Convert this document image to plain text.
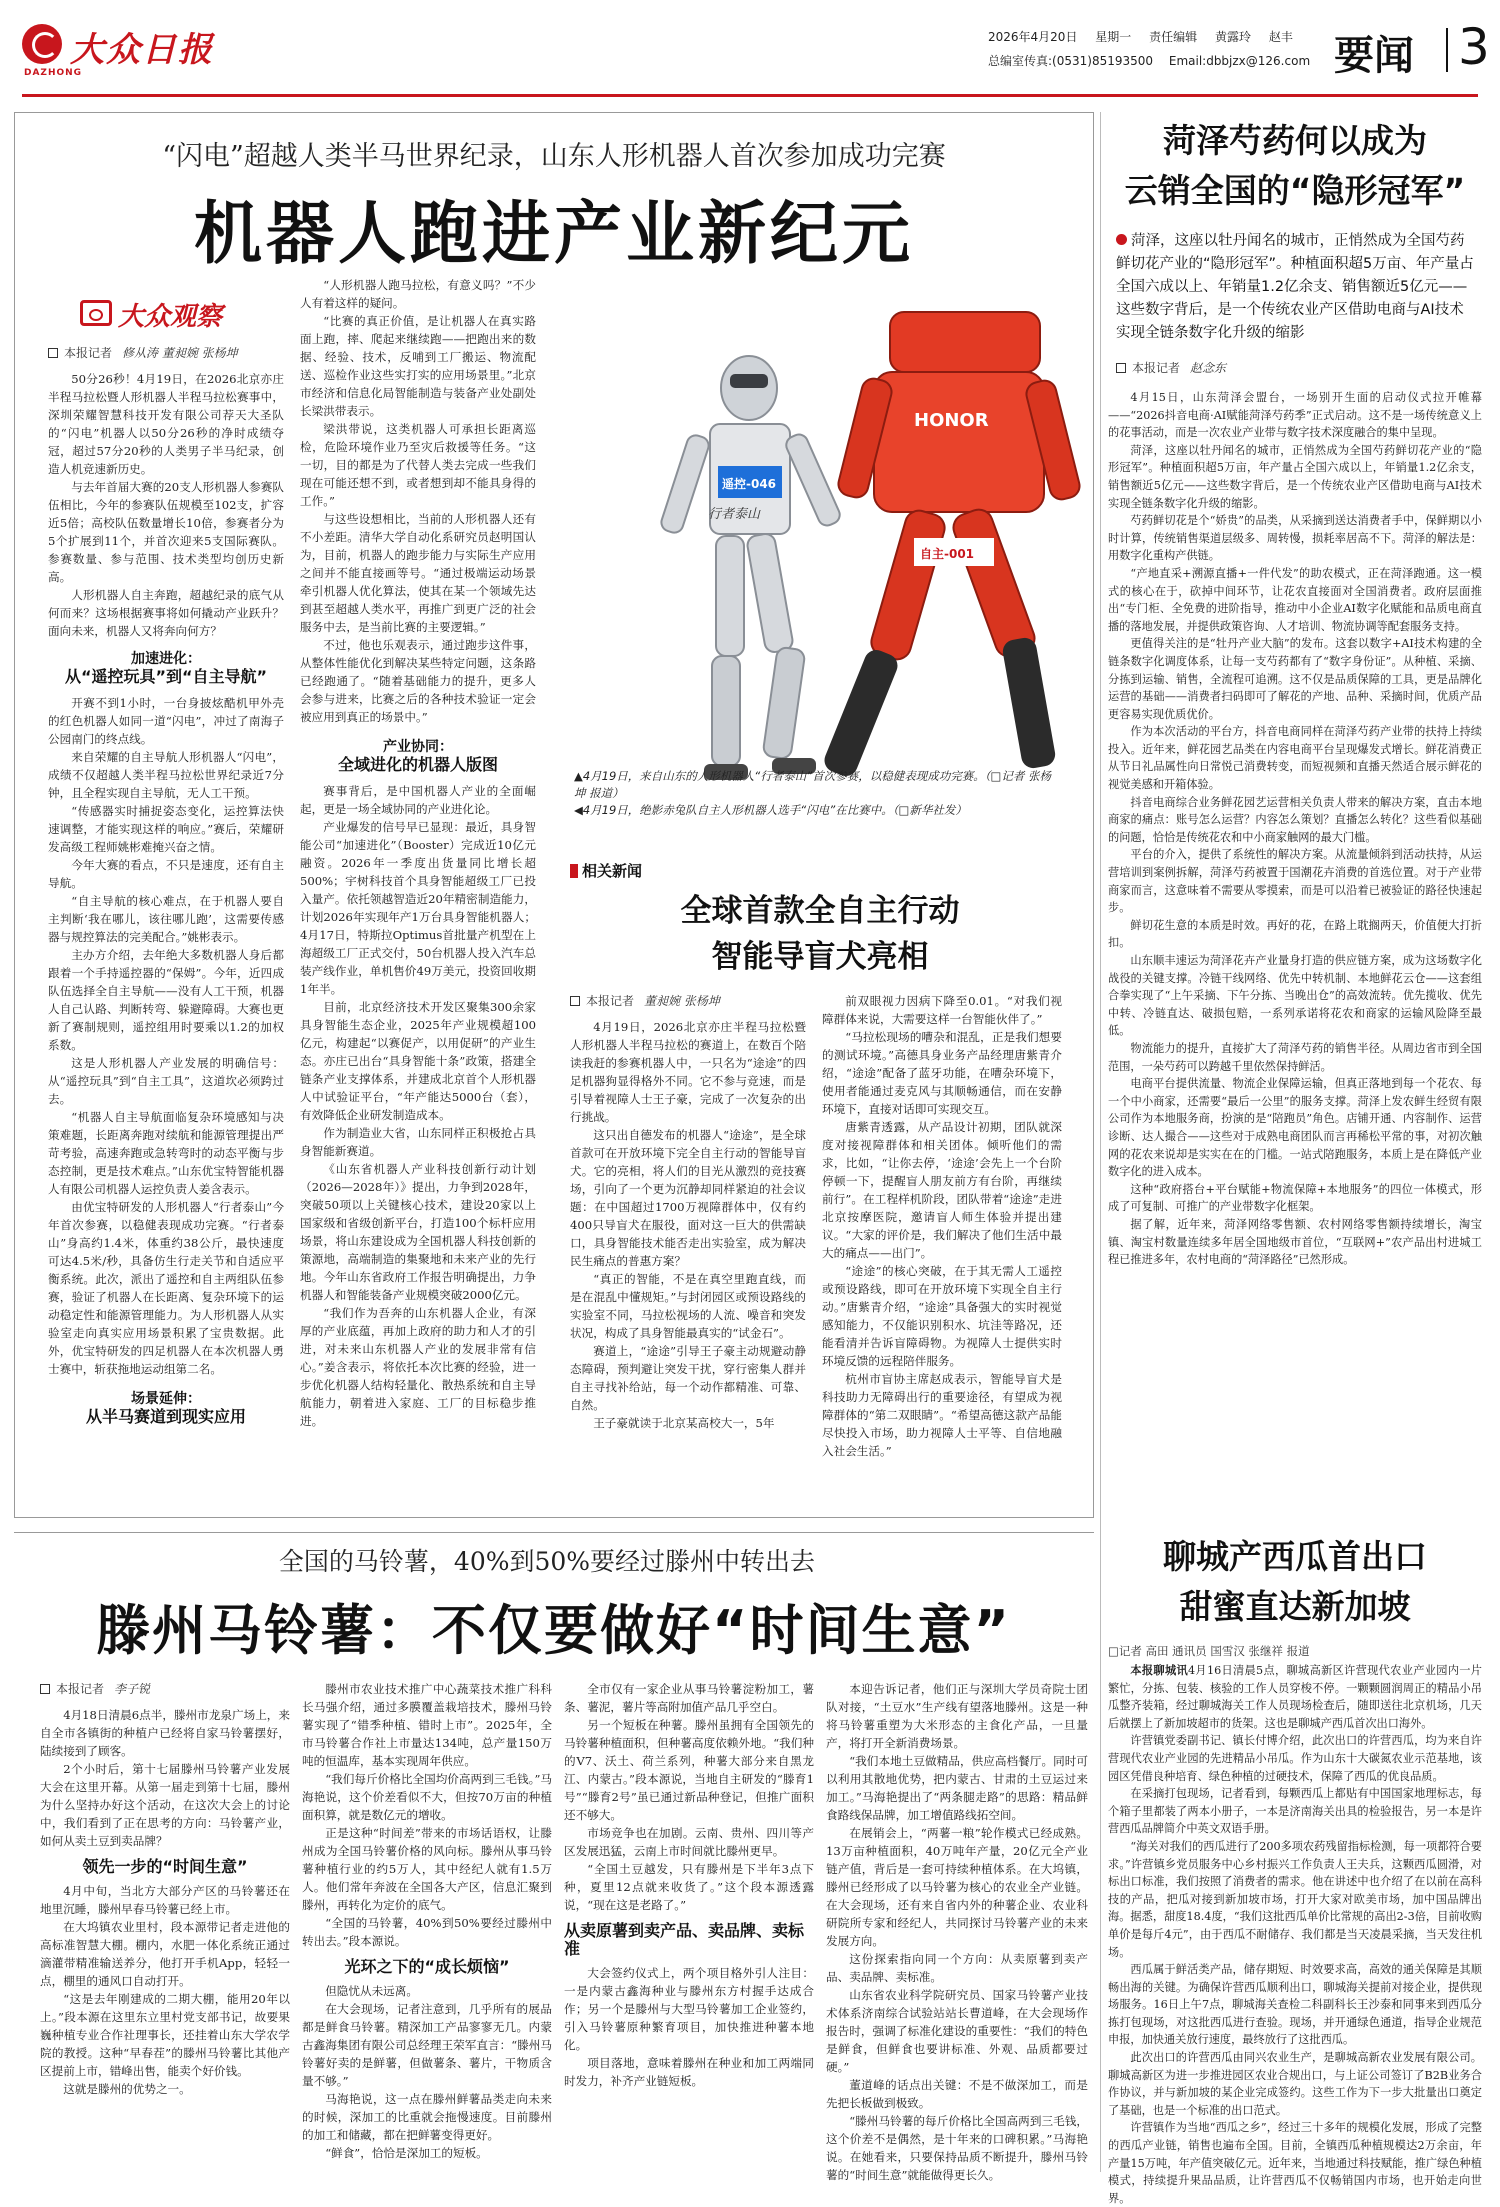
大众日报
DAZHONG
2026年4月20日 星期一 责任编辑 黄露玲 赵丰
总编室传真:(0531)85193500 Email:dbbjzx@126.com 要闻 3
“闪电”超越人类半马世界纪录，山东人形机器人首次参加成功完赛
机器人跑进产业新纪元
大众观察
本报记者 修从涛 董昶婉 张杨坤

50分26秒！4月19日，在2026北京亦庄半程马拉松暨人形机器人半程马拉松赛事中，深圳荣耀智慧科技开发有限公司荐天大圣队的“闪电”机器人以50分26秒的净时成绩夺冠，超过57分20秒的人类男子半马纪录，创造人机竞速新历史。

与去年首届大赛的20支人形机器人参赛队伍相比，今年的参赛队伍规模至102支，扩容近5倍；高校队伍数量增长10倍，参赛者分为5个扩展到11个，并首次迎来5支国际赛队。参赛数量、参与范围、技术类型均创历史新高。

人形机器人自主奔跑，超越纪录的底气从何而来？这场根据赛事将如何撬动产业跃升？面向未来，机器人又将奔向何方？

加速进化：
从“遥控玩具”到“自主导航”

开赛不到1小时，一台身披炫酷机甲外壳的红色机器人如同一道“闪电”，冲过了南海子公园南门的终点线。

来自荣耀的自主导航人形机器人“闪电”，成绩不仅超越人类半程马拉松世界纪录近7分钟，且全程实现自主导航，无人工干预。

“传感器实时捕捉姿态变化，运控算法快速调整，才能实现这样的响应。”赛后，荣耀研发高级工程师姚彬难掩兴奋之情。

今年大赛的看点，不只是速度，还有自主导航。

“自主导航的核心难点，在于机器人要自主判断‘我在哪儿，该往哪儿跑’，这需要传感器与规控算法的完美配合。”姚彬表示。

主办方介绍，去年绝大多数机器人身后都跟着一个手持遥控器的“保姆”。今年，近四成队伍选择全自主导航——没有人工干预，机器人自己认路、判断转弯、躲避障碍。大赛也更新了赛制规则，遥控组用时要乘以1.2的加权系数。

这是人形机器人产业发展的明确信号：从“遥控玩具”到“自主工具”，这道坎必须跨过去。

“机器人自主导航面临复杂环境感知与决策难题，长距离奔跑对续航和能源管理提出严苛考验，高速奔跑或急转弯时的动态平衡与步态控制，更是技术难点。”山东优宝特智能机器人有限公司机器人运控负责人姜含表示。

由优宝特研发的人形机器人“行者泰山”今年首次参赛，以稳健表现成功完赛。“行者泰山”身高约1.4米，体重约38公斤，最快速度可达4.5米/秒，具备仿生行走关节和自适应平衡系统。此次，派出了遥控和自主两组队伍参赛，验证了机器人在长距离、复杂环境下的运动稳定性和能源管理能力。为人形机器人从实验室走向真实应用场景积累了宝贵数据。此外，优宝特研发的四足机器人在本次机器人勇士赛中，斩获拖地运动组第二名。

场景延伸：
从半马赛道到现实应用

“人形机器人跑马拉松，有意义吗？”不少人有着这样的疑问。

“比赛的真正价值，是让机器人在真实路面上跑，摔、爬起来继续跑——把跑出来的数据、经验、技术，反哺到工厂搬运、物流配送、巡检作业这些实打实的应用场景里。”北京市经济和信息化局智能制造与装备产业处副处长梁洪带表示。

梁洪带说，这类机器人可承担长距离巡检，危险环境作业乃至灾后救援等任务。“这一切，目的都是为了代替人类去完成一些我们现在可能还想不到，或者想到却不能具身得的工作。”

与这些设想相比，当前的人形机器人还有不小差距。清华大学自动化系研究员赵明国认为，目前，机器人的跑步能力与实际生产应用之间并不能直接画等号。“通过极端运动场景牵引机器人优化算法，使其在某一个领域先达到甚至超越人类水平，再推广到更广泛的社会服务中去，是当前比赛的主要逻辑。”

不过，他也乐观表示，通过跑步这件事，从整体性能优化到解决某些特定问题，这条路已经跑通了。“随着基础能力的提升，更多人会参与进来，比赛之后的各种技术验证一定会被应用到真正的场景中。”

产业协同：
全域进化的机器人版图

赛事背后，是中国机器人产业的全面崛起，更是一场全域协同的产业进化论。

产业爆发的信号早已显现：最近，具身智能公司“加速进化”（Booster）完成近10亿元融资。2026年一季度出货量同比增长超500%；宇树科技首个具身智能超级工厂已投入量产。依托领越智造近20年精密制造能力，计划2026年实现年产1万台具身智能机器人；4月17日，特斯拉Optimus首批量产机型在上海超级工厂正式交付，50台机器人投入汽车总装产线作业，单机售价49万美元，投资回收期1年半。

目前，北京经济技术开发区聚集300余家具身智能生态企业，2025年产业规模超100亿元，构建起“以赛促产，以用促研”的产业生态。亦庄已出台“具身智能十条”政策，搭建全链条产业支撑体系，并建成北京首个人形机器人中试验证平台，“年产能达5000台（套），有效降低企业研发制造成本。

作为制造业大省，山东同样正积极抢占具身智能新赛道。

《山东省机器人产业科技创新行动计划（2026—2028年）》提出，力争到2028年，突破50项以上关键核心技术，建设20家以上国家级和省级创新平台，打造100个标杆应用场景，将山东建设成为全国机器人科技创新的策源地，高端制造的集聚地和未来产业的先行地。今年山东省政府工作报告明确提出，力争机器人和智能装备产业规模突破2000亿元。

“我们作为吾奔的山东机器人企业，有深厚的产业底蕴，再加上政府的助力和人才的引进，对未来山东机器人产业的发展非常有信心。”姜含表示，将依托本次比赛的经验，进一步优化机器人结构轻量化、散热系统和自主导航能力，朝着进入家庭、工厂的目标稳步推进。

遥控-046
行者泰山
HONOR
自主-001
▲4月19日，来自山东的人形机器人“行者泰山”首次参赛，以稳健表现成功完赛。（□记者 张杨坤 报道）
◀4月19日，绝影赤兔队自主人形机器人选手“闪电”在比赛中。（□新华社发）
相关新闻
全球首款全自主行动
智能导盲犬亮相
本报记者 董昶婉 张杨坤

4月19日，2026北京亦庄半程马拉松暨人形机器人半程马拉松的赛道上，在数百个陪读我赶的参赛机器人中，一只名为“途途”的四足机器狗显得格外不同。它不参与竞速，而是引导着视障人士王子豪，完成了一次复杂的出行挑战。

这只出自德发布的机器人“途途”，是全球首款可在开放环境下完全自主行动的智能导盲犬。它的亮相，将人们的目光从激烈的竞技赛场，引向了一个更为沉静却同样紧迫的社会议题：在中国超过1700万视障群体中，仅有约400只导盲犬在服役，面对这一巨大的供需缺口，具身智能技术能否走出实验室，成为解决民生痛点的普惠方案？

“真正的智能，不是在真空里跑直线，而是在混乱中懂规矩。”与封闭园区或预设路线的实验室不同，马拉松视场的人流、噪音和突发状况，构成了具身智能最真实的“试金石”。

赛道上，“途途”引导王子豪主动规避动静态障碍，预判避让突发干扰，穿行密集人群并自主寻找补给站，每一个动作都精准、可靠、自然。

王子豪就读于北京某高校大一，5年

前双眼视力因病下降至0.01。“对我们视障群体来说，大需要这样一台智能伙伴了。”

“马拉松现场的嘈杂和混乱，正是我们想要的测试环境。”高德具身业务产品经理唐紫青介绍，“途途”配备了蓝牙功能，在嘈杂环境下，使用者能通过麦克风与其顺畅通信，而在安静环境下，直接对话即可实现交互。

唐紫青透露，从产品设计初期，团队就深度对接视障群体和相关团体。倾听他们的需求，比如，“让你去停，‘途途’会先上一个台阶停顿一下，提醒盲人朋友前方有台阶，再继续前行”。在工程样机阶段，团队带着“途途”走进北京按摩医院，邀请盲人师生体验并提出建议。“大家的评价是，我们解决了他们生活中最大的痛点——出门”。

“途途”的核心突破，在于其无需人工遥控或预设路线，即可在开放环境下实现全自主行动。”唐紫青介绍，“途途”具备强大的实时视觉感知能力，不仅能识别积水、坑洼等路况，还能看清并告诉盲障碍物。为视障人士提供实时环境反馈的远程陪伴服务。

杭州市盲协主席赵成表示，智能导盲犬是科技助力无障碍出行的重要途径，有望成为视障群体的“第二双眼睛”。“希望高德这款产品能尽快投入市场，助力视障人士平等、自信地融入社会生活。”

菏泽芍药何以成为
云销全国的“隐形冠军”
菏泽，这座以牡丹闻名的城市，正悄然成为全国芍药鲜切花产业的“隐形冠军”。种植面积超5万亩、年产量占全国六成以上、年销量1.2亿余支、销售额近5亿元——这些数字背后，是一个传统农业产区借助电商与AI技术实现全链条数字化升级的缩影
本报记者 赵念东

4月15日，山东菏泽会盟台，一场别开生面的启动仪式拉开帷幕——“2026抖音电商·AI赋能菏泽芍药季”正式启动。这不是一场传统意义上的花事活动，而是一次农业产业带与数字技术深度融合的集中呈现。

菏泽，这座以牡丹闻名的城市，正悄然成为全国芍药鲜切花产业的“隐形冠军”。种植面积超5万亩，年产量占全国六成以上，年销量1.2亿余支，销售额近5亿元——这些数字背后，是一个传统农业产区借助电商与AI技术实现全链条数字化升级的缩影。

芍药鲜切花是个“娇贵”的品类，从采摘到送达消费者手中，保鲜期以小时计算，传统销售渠道层级多、周转慢，损耗率居高不下。菏泽的解法是：用数字化重构产供链。

“产地直采+溯源直播+一件代发”的助农模式，正在菏泽跑通。这一模式的核心在于，砍掉中间环节，让花农直接面对全国消费者。政府层面推出“专门柜、全免费的进阶指导，推动中小企业AI数字化赋能和品质电商直播的落地发展，并提供政策咨询、人才培训、物流协调等配套服务支持。

更值得关注的是“牡丹产业大脑”的发布。这套以数字+AI技术构建的全链条数字化调度体系，让每一支芍药都有了“数字身份证”。从种植、采摘、分拣到运输、销售，全流程可追溯。这不仅是品质保障的工具，更是品牌化运营的基础——消费者扫码即可了解花的产地、品种、采摘时间，优质产品更容易实现优质优价。

作为本次活动的平台方，抖音电商同样在菏泽芍药产业带的扶持上持续投入。近年来，鲜花园艺品类在内容电商平台呈现爆发式增长。鲜花消费正从节日礼品属性向日常悦己消费转变，而短视频和直播天然适合展示鲜花的视觉美感和开箱体验。

抖音电商综合业务鲜花园艺运营相关负责人带来的解决方案，直击本地商家的痛点：账号怎么运营？内容怎么策划？直播怎么转化？这些看似基础的问题，恰恰是传统花农和中小商家触网的最大门槛。

平台的介入，提供了系统性的解决方案。从流量倾斜到活动扶持，从运营培训到案例拆解，菏泽芍药被置于国潮花卉消费的首选位置。对于产业带商家而言，这意味着不需要从零摸索，而是可以沿着已被验证的路径快速起步。

鲜切花生意的本质是时效。再好的花，在路上耽搁两天，价值便大打折扣。

山东顺丰速运为菏泽花卉产业量身打造的供应链方案，成为这场数字化战役的关键支撑。冷链干线网络、优先中转机制、本地鲜花云仓——这套组合拳实现了“上午采摘、下午分拣、当晚出仓”的高效流转。优先揽收、优先中转、冷链直达、破损包赔，一系列承诺将花农和商家的运输风险降至最低。

物流能力的提升，直接扩大了菏泽芍药的销售半径。从周边省市到全国范围，一朵芍药可以跨越千里依然保持鲜活。

电商平台提供流量、物流企业保障运输，但真正落地到每一个花农、每一个中小商家，还需要“最后一公里”的服务支撑。菏泽上发农鲜生经贸有限公司作为本地服务商，扮演的是“陪跑员”角色。店铺开通、内容制作、运营诊断、达人撮合——这些对于成熟电商团队而言再稀松平常的事，对初次触网的花农来说却是实实在在的门槛。一站式陪跑服务，本质上是在降低产业数字化的进入成本。

这种“政府搭台+平台赋能+物流保障+本地服务”的四位一体模式，形成了可复制、可推广的产业带数字化框架。

据了解，近年来，菏泽网络零售额、农村网络零售额持续增长，淘宝镇、淘宝村数量连续多年居全国地级市首位，“互联网+”农产品出村进城工程已推进多年，农村电商的“菏泽路径”已然形成。

聊城产西瓜首出口
甜蜜直达新加坡
□记者 高田 通讯员 国雪汉 张继祥 报道

本报聊城讯4月16日清晨5点，聊城高新区许营现代农业产业园内一片繁忙，分拣、包装、核验的工作人员穿梭不停。一颗颗圆润周正的精品小吊瓜整齐装箱，经过聊城海关工作人员现场检查后，随即送往北京机场，几天后就摆上了新加坡超市的货架。这也是聊城产西瓜首次出口海外。

许营镇党委副书记、镇长付博介绍，此次出口的许营西瓜，均为来自许营现代农业产业园的先进精品小吊瓜。作为山东十大碳氮农业示范基地，该园区凭借良种培育、绿色种植的过硬技术，保障了西瓜的优良品质。

在采摘打包现场，记者看到，每颗西瓜上都贴有中国国家地理标志，每个箱子里都装了两本小册子，一本是济南海关出具的检验报告，另一本是许营西瓜品牌简介中英文双语手册。

“海关对我们的西瓜进行了200多项农药残留指标检测，每一项都符合要求。”许营镇乡党员服务中心乡村振兴工作负责人王夫兵，这颗西瓜圆滑，对标出口标准，我们按照了消费者的需求。他在讲述中也介绍了在以前在高科技的产品，把瓜对接到新加坡市场，打开大家对欧美市场，加中国品牌出海。据悉，甜度18.4度，“我们这批西瓜单价比常规的高出2-3倍，目前收购单价是每斤4元”，由于西瓜不耐储存、我们都是当天凌晨采摘，当天发往机场。

西瓜属于鲜活类产品，储存期短、时效要求高，高效的通关保障是其顺畅出海的关键。为确保许营西瓜顺利出口，聊城海关提前对接企业，提供现场服务。16日上午7点，聊城海关查检二科副科长王沙泰和同事来到西瓜分拣打包现场，对这批西瓜进行查验。现场，并开通绿色通道，指导企业规范申报，加快通关放行速度，最终放行了这批西瓜。

此次出口的许营西瓜由同兴农业生产，是聊城高新农业发展有限公司。聊城高新区为进一步推进园区农业合规出口，与上证公司签订了B2B业务合作协议，并与新加坡的某企业完成签约。这些工作为下一步大批量出口奠定了基础，也是一个标准的出口范式。

许营镇作为当地“西瓜之乡”，经过三十多年的规模化发展，形成了完整的西瓜产业链，销售也遍布全国。目前，全镇西瓜种植规模达2万余亩，年产量15万吨，年产值突破亿元。近年来，当地通过科技赋能，推广绿色种植模式，持续提升果品品质，让许营西瓜不仅畅销国内市场，也开始走向世界。

全国的马铃薯，40%到50%要经过滕州中转出去
滕州马铃薯：不仅要做好“时间生意”
本报记者 李子锐

4月18日清晨6点半，滕州市龙泉广场上，来自全市各镇街的种植户已经将自家马铃薯摆好，陆续接到了顾客。

2个小时后，第十七届滕州马铃薯产业发展大会在这里开幕。从第一届走到第十七届，滕州为什么坚持办好这个活动，在这次大会上的讨论中，我们看到了正在思考的方向：马铃薯产业，如何从卖土豆到卖品牌？

领先一步的“时间生意”

4月中旬，当北方大部分产区的马铃薯还在地里沉睡，滕州早春马铃薯已经上市。

在大坞镇农业里村，段本源带记者走进他的高标准智慧大棚。棚内，水肥一体化系统正通过滴灌带精准输送养分，他打开手机App，轻轻一点，棚里的通风口自动打开。

“这是去年刚建成的二期大棚，能用20年以上。”段本源在这里东立里村党支部书记，故要果巍种植专业合作社理事长，还挂着山东大学农学院的教授。这种“早春茬”的滕州马铃薯比其他产区提前上市，错峰出售，能卖个好价钱。

这就是滕州的优势之一。

滕州市农业技术推广中心蔬菜技术推广科科长马强介绍，通过多膜覆盖栽培技术，滕州马铃薯实现了“错季种植、错时上市”。2025年，全市马铃薯合作社上市量达134吨，总产量150万吨的恒温库，基本实现周年供应。

“我们每斤价格比全国均价高两到三毛钱。”马海艳说，这个价差看似不大，但按70万亩的种植面积算，就是数亿元的增收。

正是这种“时间差”带来的市场话语权，让滕州成为全国马铃薯价格的风向标。滕州从事马铃薯种植行业的约5万人，其中经纪人就有1.5万人。他们常年奔波在全国各大产区，信息汇聚到滕州，再转化为定价的底气。

“全国的马铃薯，40%到50%要经过滕州中转出去。”段本源说。

光环之下的“成长烦恼”

但隐忧从未远离。

在大会现场，记者注意到，几乎所有的展品都是鲜食马铃薯。精深加工产品寥寥无几。内蒙古鑫海集团有限公司总经理王荣军直言：“滕州马铃薯好卖的是鲜薯，但做薯条、薯片，干物质含量不够。”

马海艳说，这一点在滕州鲜薯品类走向未来的时候，深加工的比重就会拖慢速度。目前滕州的加工和储藏，都在把鲜薯变得更好。

“鲜食”，恰恰是深加工的短板。

全市仅有一家企业从事马铃薯淀粉加工，薯条、薯泥，薯片等高附加值产品几乎空白。

另一个短板在种薯。滕州虽拥有全国领先的马铃薯种植面积，但种薯高度依赖外地。“我们种的V7、沃土、荷兰系列，种薯大部分来自黑龙江、内蒙古。”段本源说，当地自主研发的“滕育1号”“滕育2号”虽已通过新品种登记，但推广面积还不够大。

市场竞争也在加剧。云南、贵州、四川等产区发展迅猛，云南上市时间就比滕州更早。

“全国土豆越发，只有滕州是下半年3点下种，夏里12点就来收货了。”这个段本源透露说，“现在这是老路了。”

从卖原薯到卖产品、卖品牌、卖标准

大会签约仪式上，两个项目格外引人注目：一是内蒙古鑫海种业与滕州东方村握手达成合作；另一个是滕州与大型马铃薯加工企业签约，引入马铃薯原种繁育项目，加快推进种薯本地化。

项目落地，意味着滕州在种业和加工两端同时发力，补齐产业链短板。

本迎告诉记者，他们正与深圳大学员奇院士团队对接，“土豆水”生产线有望落地滕州。这是一种将马铃薯重塑为大米形态的主食化产品，一旦量产，将打开全新消费场景。

“我们本地土豆做精品，供应高档餐厅。同时可以利用其散地优势，把内蒙古、甘肃的土豆运过来加工。”马海艳提出了“两条腿走路”的思路：精品鲜食路线保品牌，加工增值路线拓空间。

在展销会上，“两薯一粮”轮作模式已经成熟。13万亩种植面积，40万吨年产量，20亿元全产业链产值，背后是一套可持续种植体系。在大坞镇，滕州已经形成了以马铃薯为核心的农业全产业链。在大会现场，还有来自省内外的种薯企业、农业科研院所专家和经纪人，共同探讨马铃薯产业的未来发展方向。

这份探索指向同一个方向：从卖原薯到卖产品、卖品牌、卖标准。

山东省农业科学院研究员、国家马铃薯产业技术体系济南综合试验站站长曹道峰，在大会现场作报告时，强调了标准化建设的重要性：“我们的特色是鲜食，但鲜食也要讲标准、外观、品质都要过硬。”

董道峰的话点出关键：不是不做深加工，而是先把长板做到极致。

“滕州马铃薯的每斤价格比全国高两到三毛钱，这个价差不是偶然，是十年来的口碑积累。”马海艳说。在她看来，只要保持品质不断提升，滕州马铃薯的“时间生意”就能做得更长久。
